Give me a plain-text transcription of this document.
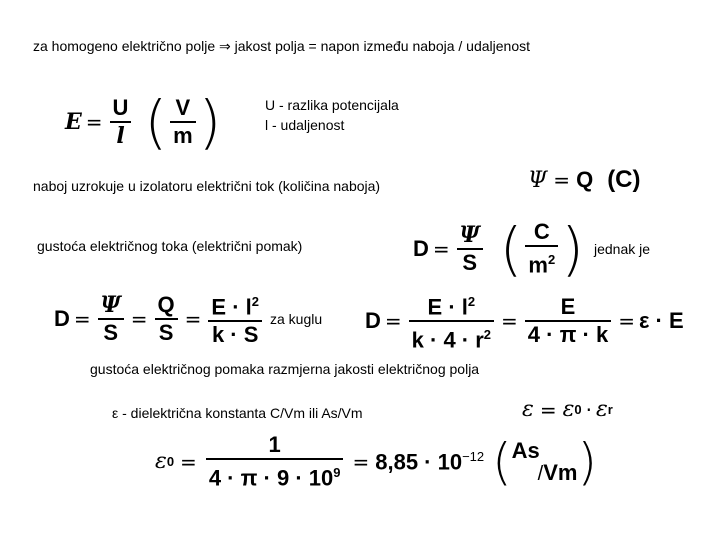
za homogeno električno polje ⇒ jakost polja = napon između naboja / udaljenost
$E = \frac{U}{l}$ ( $\frac{V}{m}$ )	U - razlika potencijala
l - udaljenost
naboj uzrokuje u izolatoru električni tok (količina naboja)	Ψ = Q (C)
gustoća električnog toka (električni pomak)	$D = \frac{\Psi}{S}$ ( $\frac{C}{m^2}$ ) jednak je
$D = \frac{\Psi}{S} = \frac{Q}{S} = \frac{E \cdot l^2}{k \cdot S}$ za kuglu $D = \frac{E \cdot l^2}{k \cdot 4 \cdot r^2} = \frac{E}{4 \cdot \pi \cdot k} = \varepsilon \cdot E$
gustoća električnog pomaka razmjerna jakosti električnog polja
ε - dielektrična konstanta C/Vm ili As/Vm	ε = ε 0 · ε r
ε $0 = \frac{1}{4 \cdot \pi \cdot 9 \cdot 10^9} = 8,85 \cdot 10^{-12}$ ( As
/Vm )
